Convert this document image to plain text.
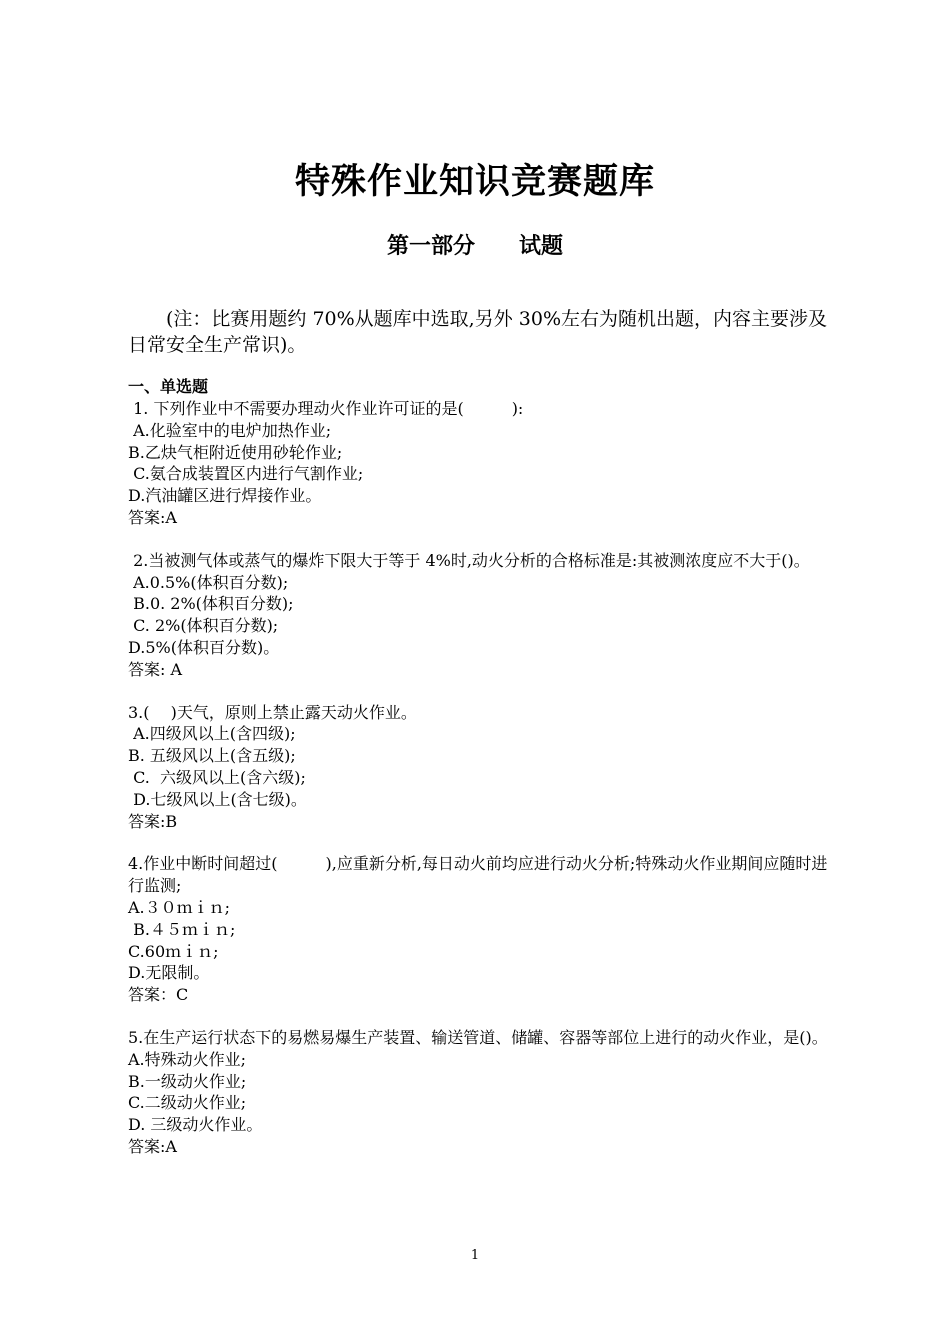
特殊作业知识竞赛题库
第一部分　　试题
(注：比赛用题约 70%从题库中选取,另外 30%左右为随机出题，内容主要涉及日常安全生产常识)。
一、单选题
1. 下列作业中不需要办理动火作业许可证的是(　　　):
A.化验室中的电炉加热作业;
B.乙炔气柜附近使用砂轮作业;
C.氨合成装置区内进行气割作业;
D.汽油罐区进行焊接作业。
答案:A
2.当被测气体或蒸气的爆炸下限大于等于 4%时,动火分析的合格标准是:其被测浓度应不大于()。
A.0.5%(体积百分数);
B.0. 2%(体积百分数);
C. 2%(体积百分数);
D.5%(体积百分数)。
答案: A
3.(　 )天气，原则上禁止露天动火作业。
A.四级风以上(含四级);
B. 五级风以上(含五级);
C.  六级风以上(含六级);
D.七级风以上(含七级)。
答案:B
4.作业中断时间超过(　　　),应重新分析,每日动火前均应进行动火分析;特殊动火作业期间应随时进行监测;
A.３０ｍｉｎ;
B.４５ｍｉｎ;
C.60ｍｉｎ;
D.无限制。
答案：C
5.在生产运行状态下的易燃易爆生产装置、输送管道、储罐、容器等部位上进行的动火作业，是()。
A.特殊动火作业;
B.一级动火作业;
C.二级动火作业;
D. 三级动火作业。
答案:A
1
